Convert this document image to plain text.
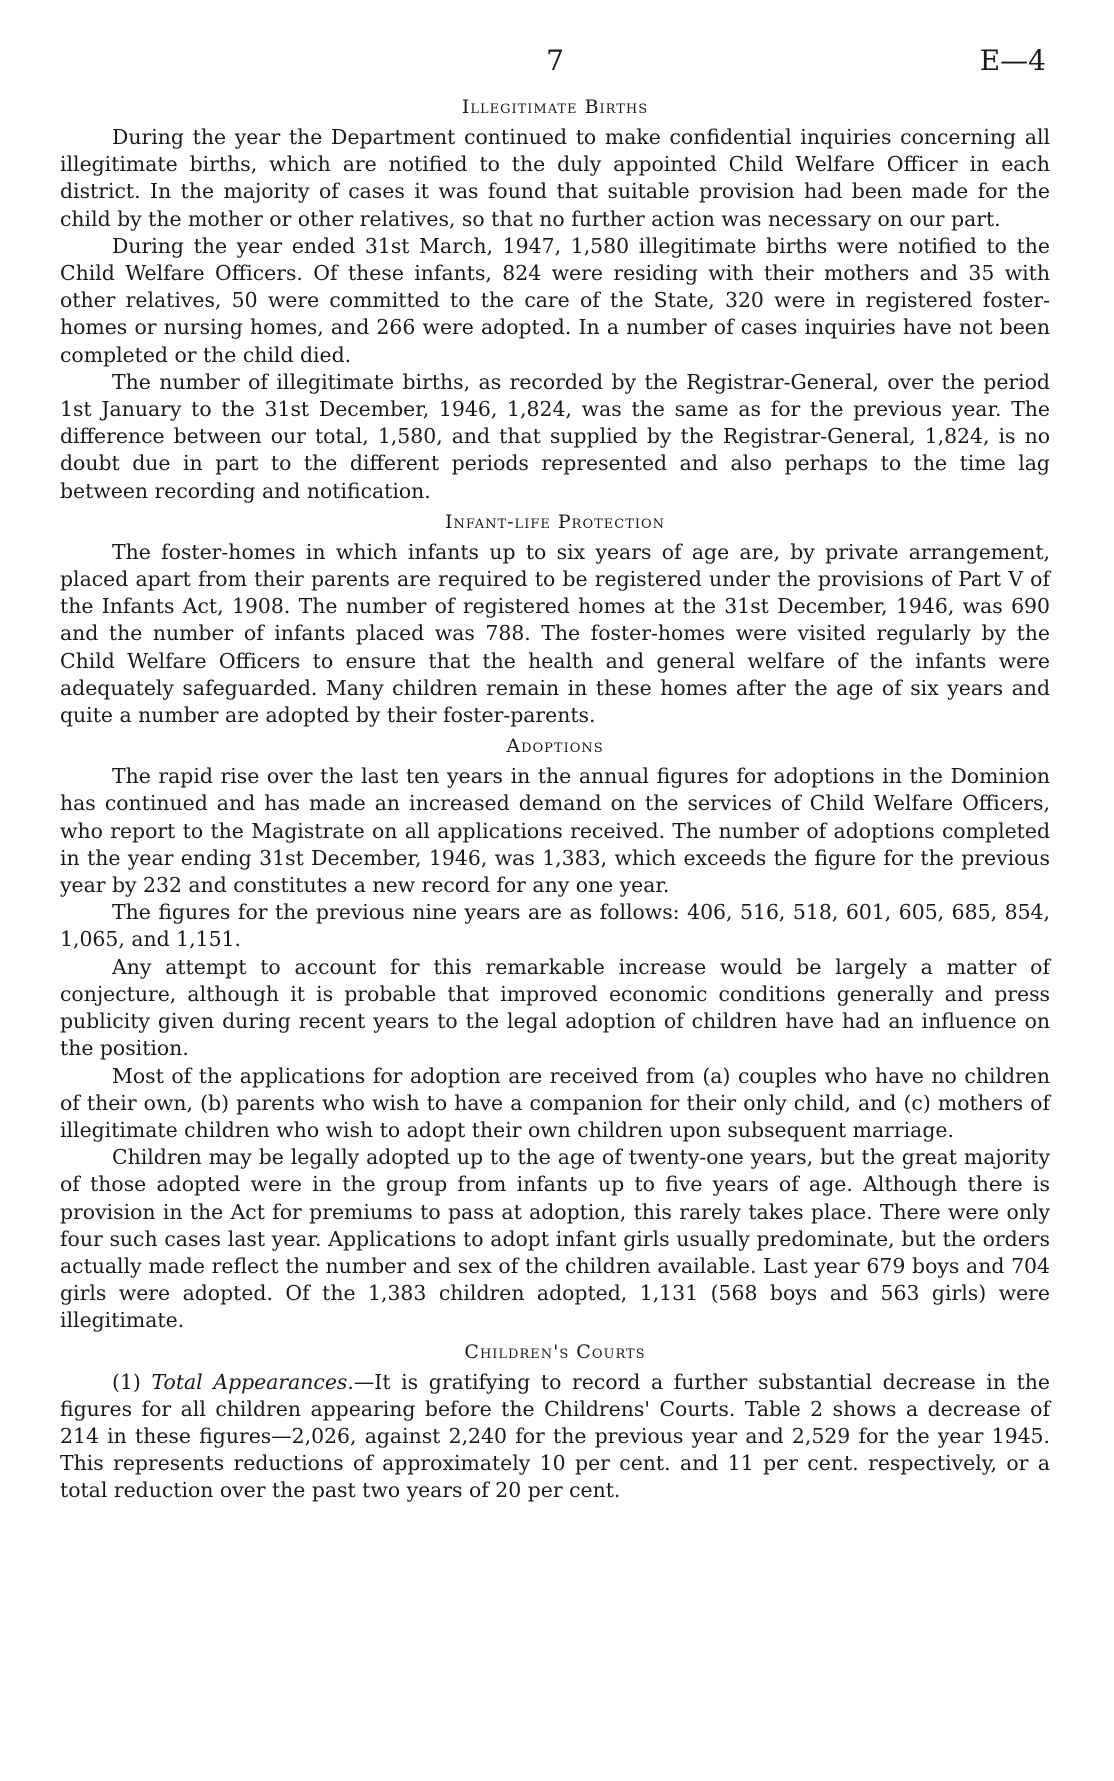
7	E—4
Illegitimate Births

During the year the Department continued to make confidential inquiries concerning all illegitimate births, which are notified to the duly appointed Child Welfare Officer in each district. In the majority of cases it was found that suitable provision had been made for the child by the mother or other relatives, so that no further action was necessary on our part.

During the year ended 31st March, 1947, 1,580 illegitimate births were notified to the Child Welfare Officers. Of these infants, 824 were residing with their mothers and 35 with other relatives, 50 were committed to the care of the State, 320 were in registered foster-homes or nursing homes, and 266 were adopted. In a number of cases inquiries have not been completed or the child died.

The number of illegitimate births, as recorded by the Registrar-General, over the period 1st January to the 31st December, 1946, 1,824, was the same as for the previous year. The difference between our total, 1,580, and that supplied by the Registrar-General, 1,824, is no doubt due in part to the different periods represented and also perhaps to the time lag between recording and notification.

Infant-life Protection

The foster-homes in which infants up to six years of age are, by private arrangement, placed apart from their parents are required to be registered under the provisions of Part V of the Infants Act, 1908. The number of registered homes at the 31st December, 1946, was 690 and the number of infants placed was 788. The foster-homes were visited regularly by the Child Welfare Officers to ensure that the health and general welfare of the infants were adequately safeguarded. Many children remain in these homes after the age of six years and quite a number are adopted by their foster-parents.

Adoptions

The rapid rise over the last ten years in the annual figures for adoptions in the Dominion has continued and has made an increased demand on the services of Child Welfare Officers, who report to the Magistrate on all applications received. The number of adoptions completed in the year ending 31st December, 1946, was 1,383, which exceeds the figure for the previous year by 232 and constitutes a new record for any one year.

The figures for the previous nine years are as follows: 406, 516, 518, 601, 605, 685, 854, 1,065, and 1,151.

Any attempt to account for this remarkable increase would be largely a matter of conjecture, although it is probable that improved economic conditions generally and press publicity given during recent years to the legal adoption of children have had an influence on the position.

Most of the applications for adoption are received from (a) couples who have no children of their own, (b) parents who wish to have a companion for their only child, and (c) mothers of illegitimate children who wish to adopt their own children upon subsequent marriage.

Children may be legally adopted up to the age of twenty-one years, but the great majority of those adopted were in the group from infants up to five years of age. Although there is provision in the Act for premiums to pass at adoption, this rarely takes place. There were only four such cases last year. Applications to adopt infant girls usually predominate, but the orders actually made reflect the number and sex of the children available. Last year 679 boys and 704 girls were adopted. Of the 1,383 children adopted, 1,131 (568 boys and 563 girls) were illegitimate.

Children's Courts

(1) Total Appearances.—It is gratifying to record a further substantial decrease in the figures for all children appearing before the Childrens' Courts. Table 2 shows a decrease of 214 in these figures—2,026, against 2,240 for the previous year and 2,529 for the year 1945. This represents reductions of approximately 10 per cent. and 11 per cent. respectively, or a total reduction over the past two years of 20 per cent.
